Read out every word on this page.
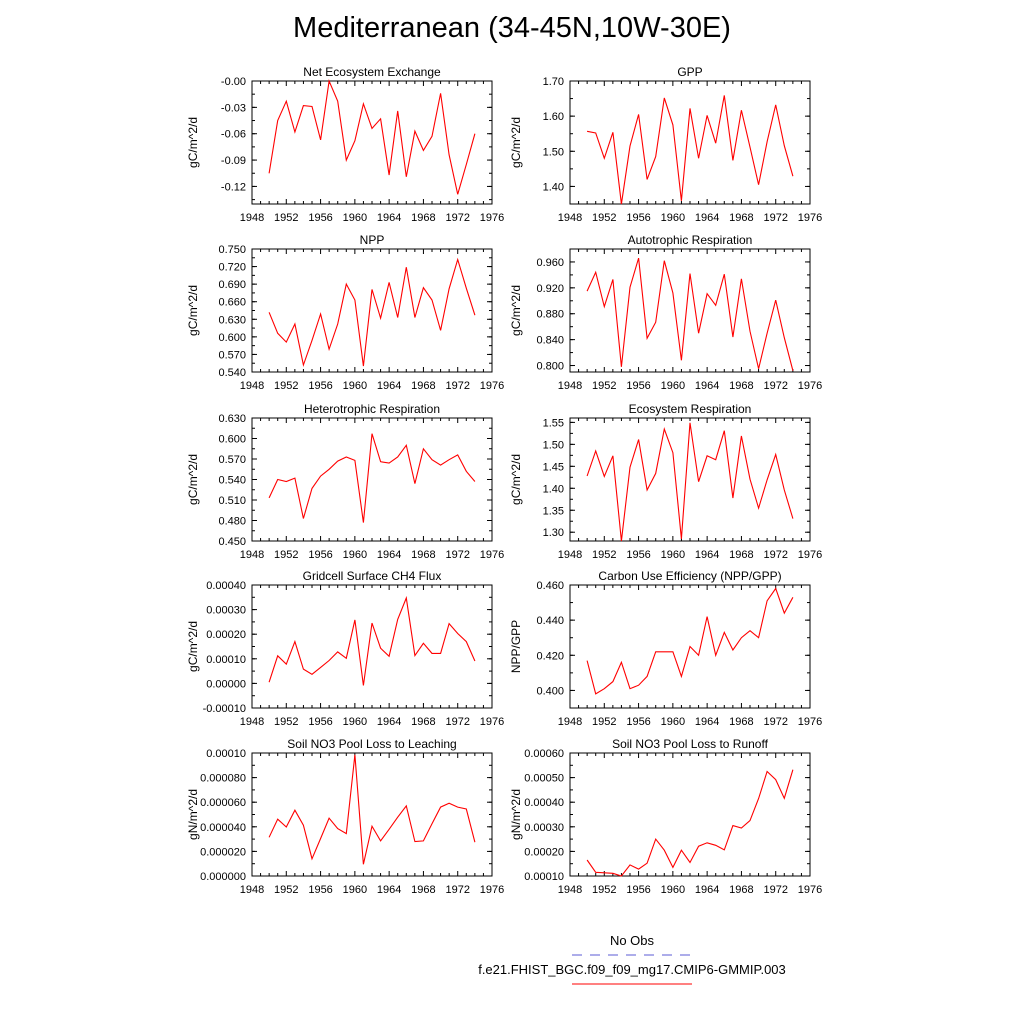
Mediterranean (34-45N,10W-30E)
Net Ecosystem Exchange
gC/m^2/d
1948 1952 1956 1960 1964 1968 1972 1976
-0.12
-0.09
-0.06
-0.03
-0.00
GPP
gC/m^2/d
1948 1952 1956 1960 1964 1968 1972 1976
1.40
1.50
1.60
1.70
NPP
gC/m^2/d
1948 1952 1956 1960 1964 1968 1972 1976
0.540
0.570
0.600
0.630
0.660
0.690
0.720
0.750
Autotrophic Respiration
gC/m^2/d
1948 1952 1956 1960 1964 1968 1972 1976
0.800
0.840
0.880
0.920
0.960
Heterotrophic Respiration
gC/m^2/d
1948 1952 1956 1960 1964 1968 1972 1976
0.450
0.480
0.510
0.540
0.570
0.600
0.630
Ecosystem Respiration
gC/m^2/d
1948 1952 1956 1960 1964 1968 1972 1976
1.30
1.35
1.40
1.45
1.50
1.55
Gridcell Surface CH4 Flux
gC/m^2/d
1948 1952 1956 1960 1964 1968 1972 1976
-0.00010
0.00000
0.00010
0.00020
0.00030
0.00040
Carbon Use Efficiency (NPP/GPP)
NPP/GPP
1948 1952 1956 1960 1964 1968 1972 1976
0.400
0.420
0.440
0.460
Soil NO3 Pool Loss to Leaching
gN/m^2/d
1948 1952 1956 1960 1964 1968 1972 1976
0.000000
0.000020
0.000040
0.000060
0.000080
0.00010
Soil NO3 Pool Loss to Runoff
gN/m^2/d
1948 1952 1956 1960 1964 1968 1972 1976
0.00010
0.00020
0.00030
0.00040
0.00050
0.00060
No Obs
f.e21.FHIST_BGC.f09_f09_mg17.CMIP6-GMMIP.003
